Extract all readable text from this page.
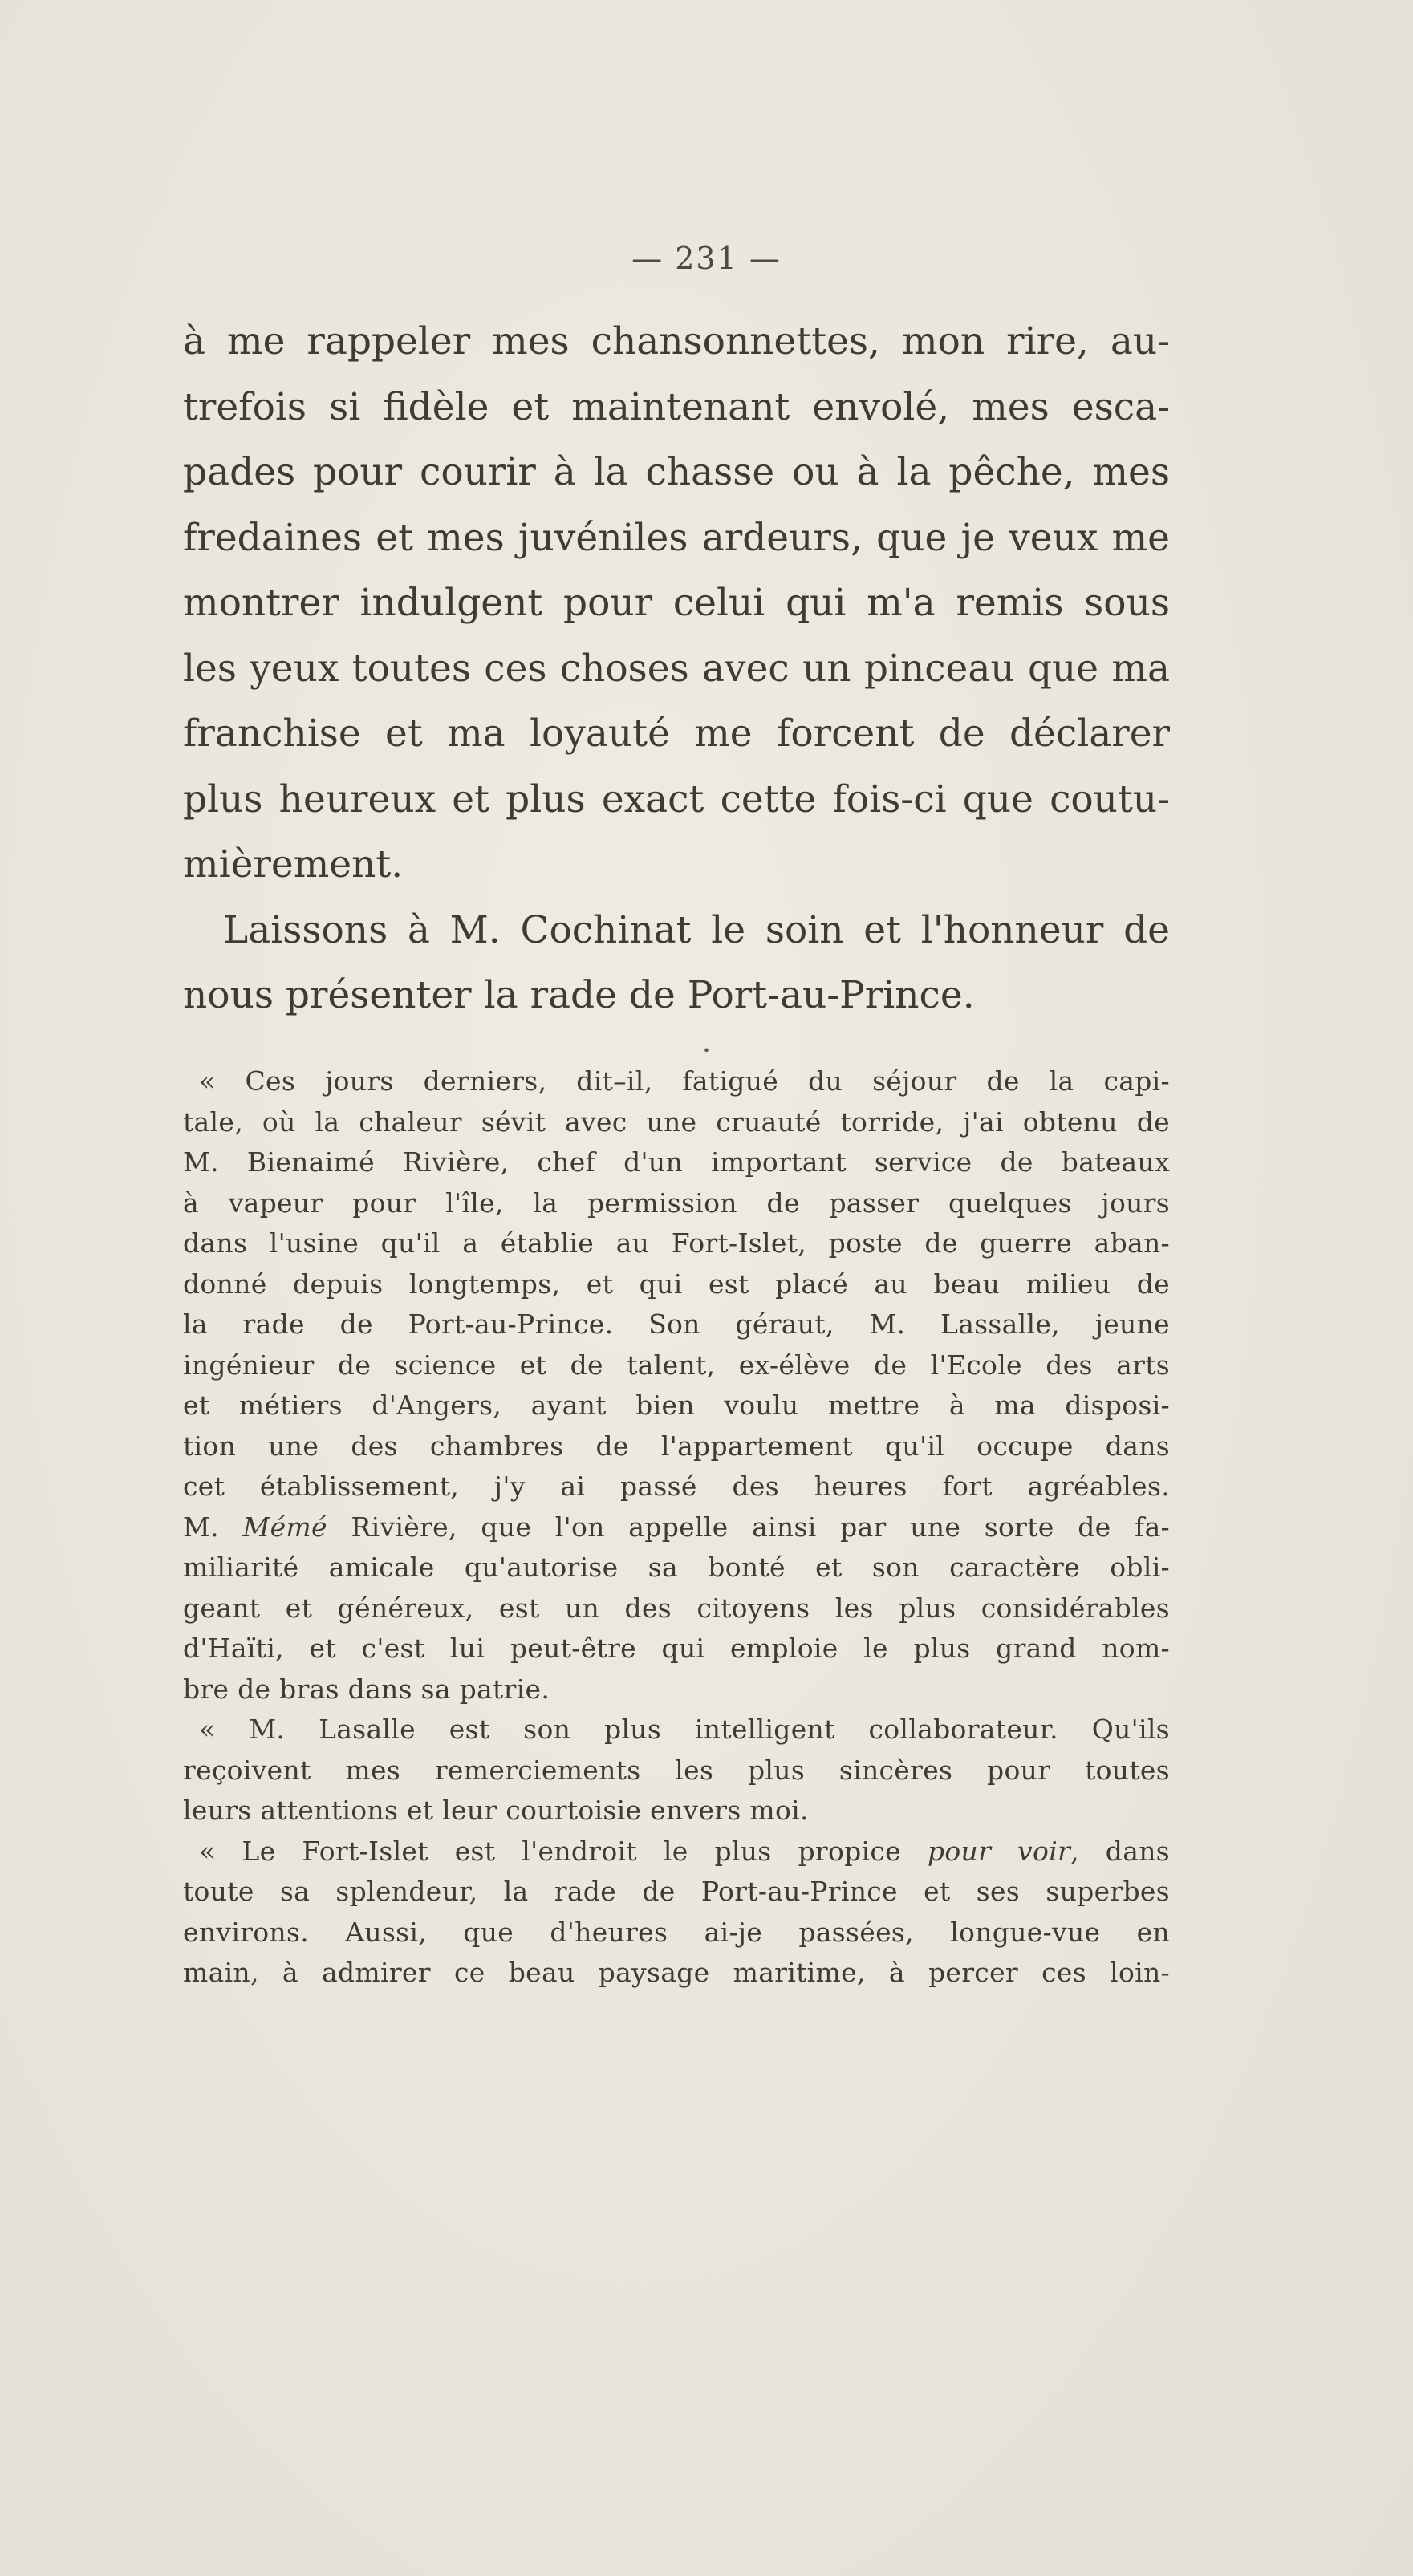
— 231 —
à me rappeler mes chansonnettes, mon rire, au-
trefois si fidèle et maintenant envolé, mes esca-
pades pour courir à la chasse ou à la pêche, mes
fredaines et mes juvéniles ardeurs, que je veux me
montrer indulgent pour celui qui m'a remis sous
les yeux toutes ces choses avec un pinceau que ma
franchise et ma loyauté me forcent de déclarer
plus heureux et plus exact cette fois-ci que coutu-
mièrement.
Laissons à M. Cochinat le soin et l'honneur de
nous présenter la rade de Port-au-Prince.
•
« Ces jours derniers, dit–il, fatigué du séjour de la capi-
tale, où la chaleur sévit avec une cruauté torride, j'ai obtenu de
M. Bienaimé Rivière, chef d'un important service de bateaux
à vapeur pour l'île, la permission de passer quelques jours
dans l'usine qu'il a établie au Fort-Islet, poste de guerre aban-
donné depuis longtemps, et qui est placé au beau milieu de
la rade de Port-au-Prince. Son géraut, M. Lassalle, jeune
ingénieur de science et de talent, ex-élève de l'Ecole des arts
et métiers d'Angers, ayant bien voulu mettre à ma disposi-
tion une des chambres de l'appartement qu'il occupe dans
cet établissement, j'y ai passé des heures fort agréables.
M. Mémé Rivière, que l'on appelle ainsi par une sorte de fa-
miliarité amicale qu'autorise sa bonté et son caractère obli-
geant et généreux, est un des citoyens les plus considérables
d'Haïti, et c'est lui peut-être qui emploie le plus grand nom-
bre de bras dans sa patrie.
« M. Lasalle est son plus intelligent collaborateur. Qu'ils
reçoivent mes remerciements les plus sincères pour toutes
leurs attentions et leur courtoisie envers moi.
« Le Fort-Islet est l'endroit le plus propice pour voir, dans
toute sa splendeur, la rade de Port-au-Prince et ses superbes
environs. Aussi, que d'heures ai-je passées, longue-vue en
main, à admirer ce beau paysage maritime, à percer ces loin-
